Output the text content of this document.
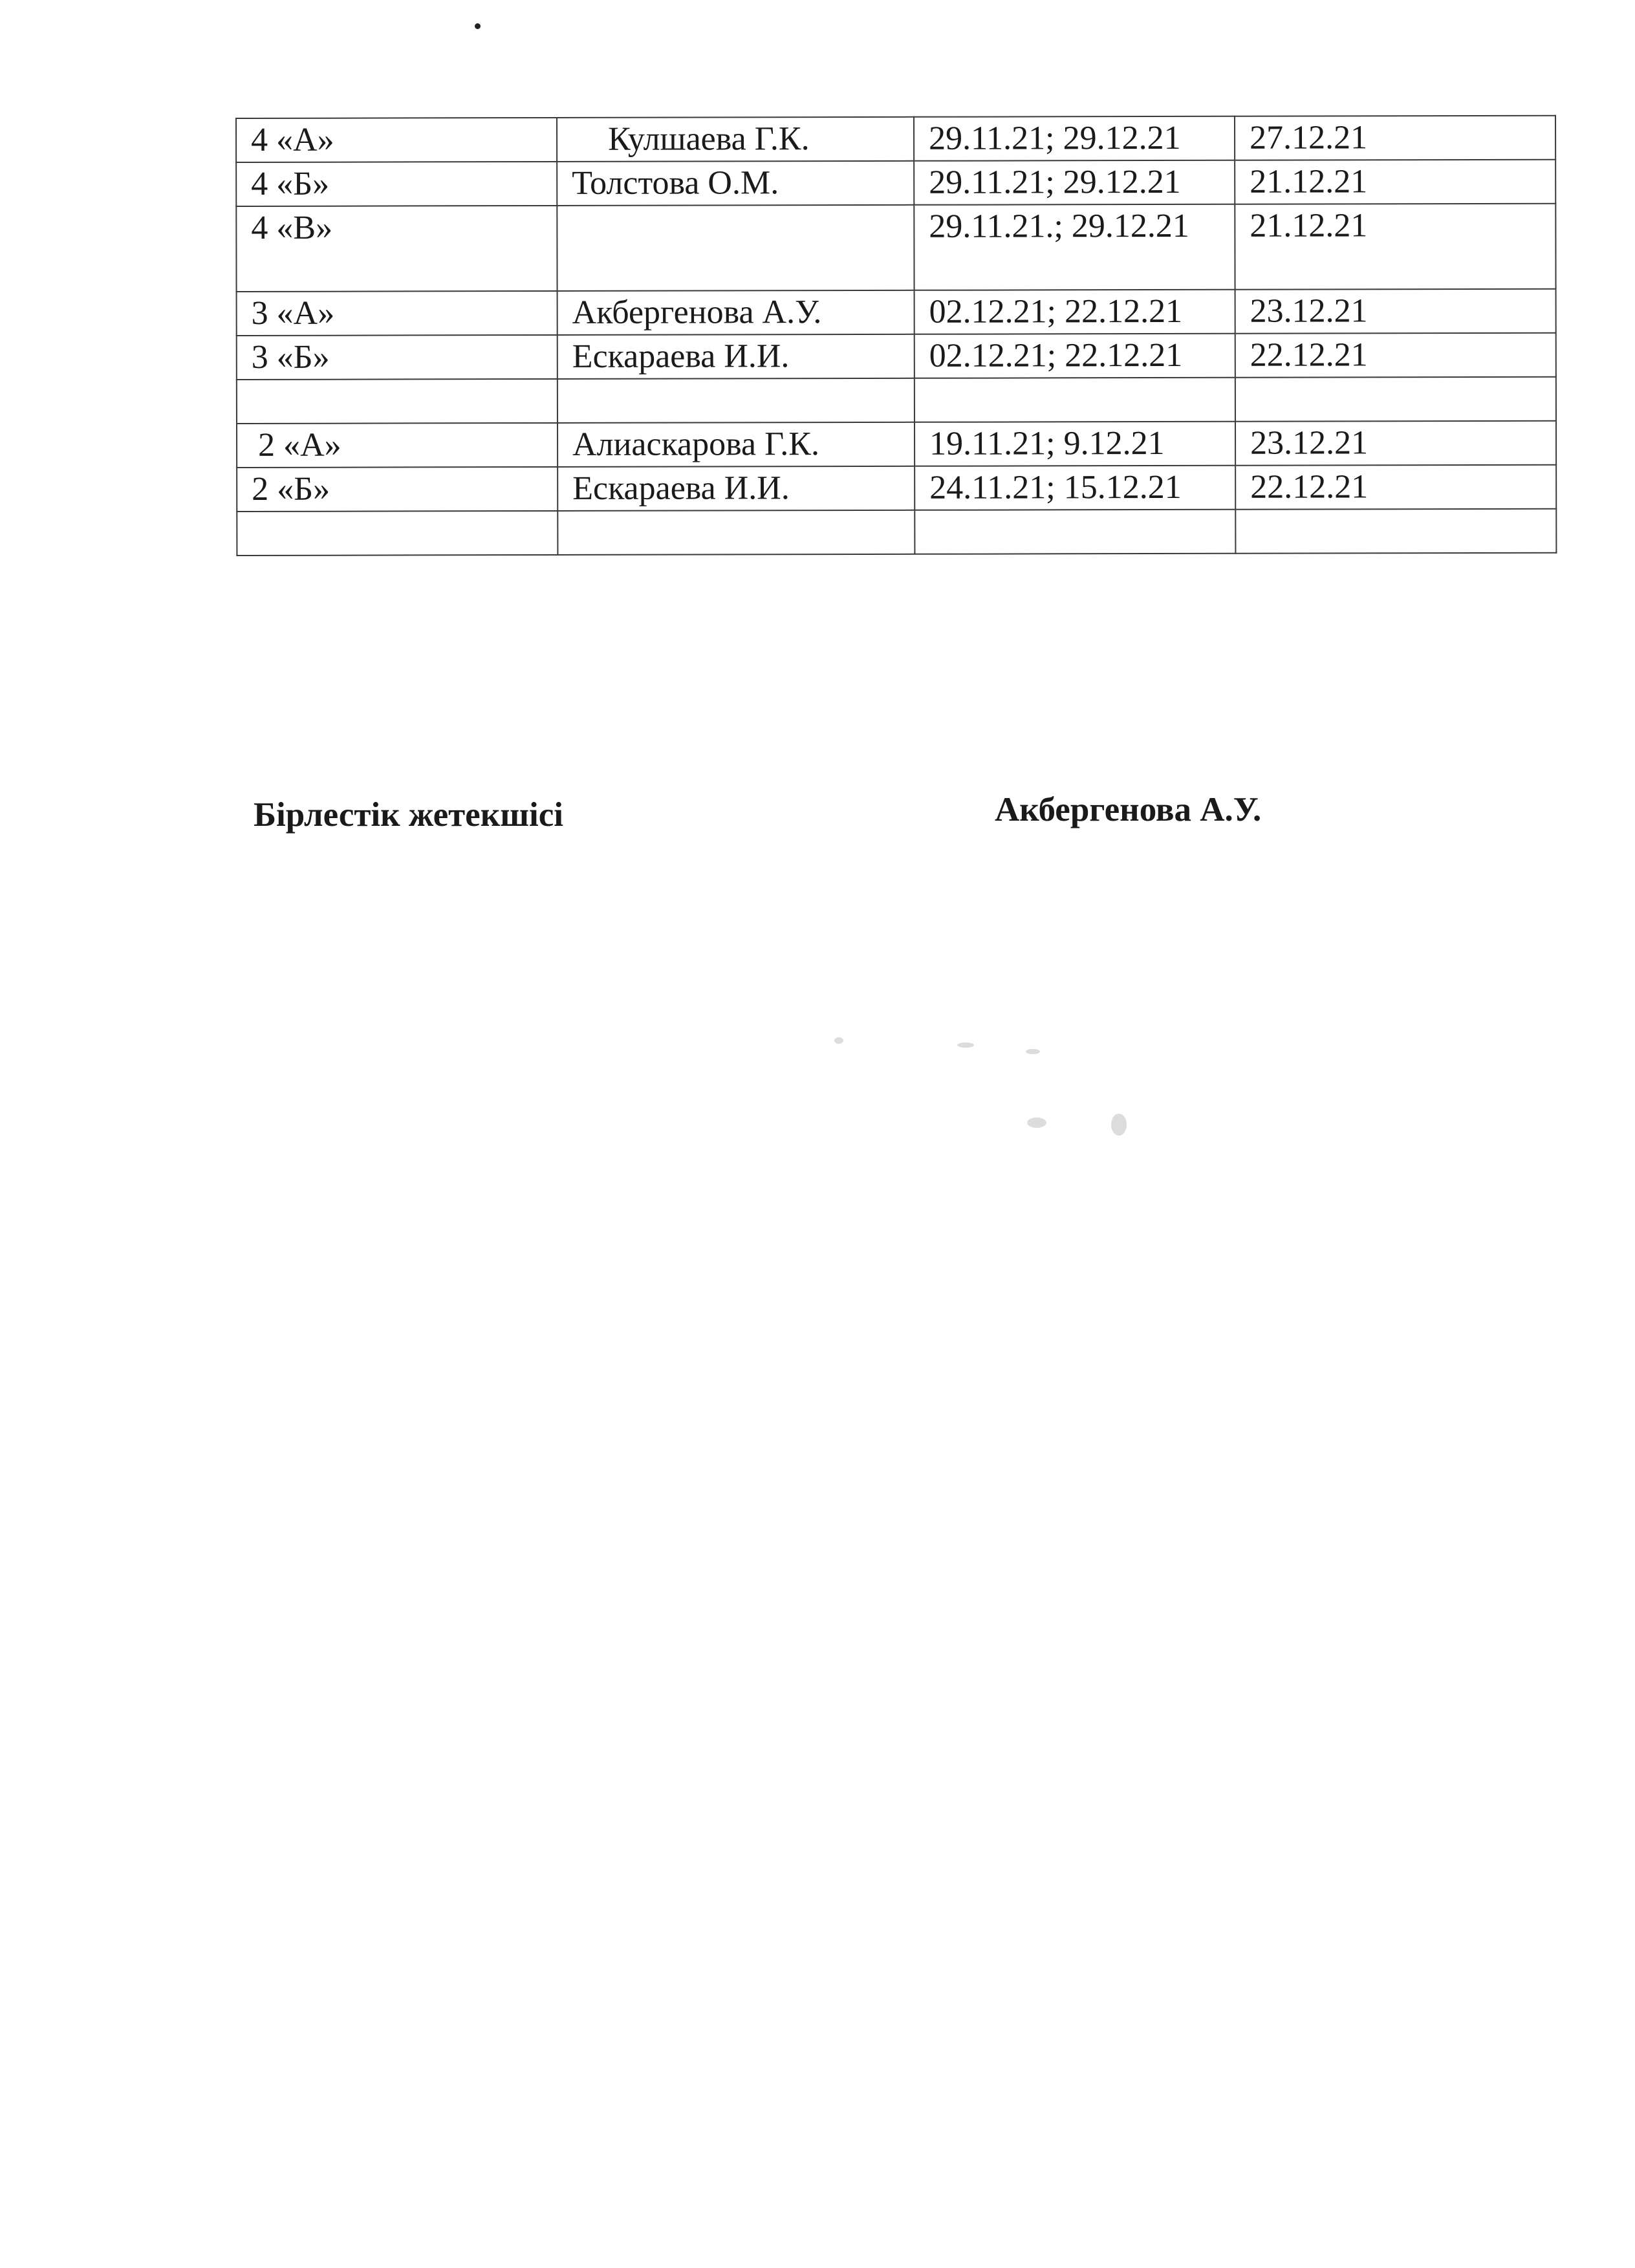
4 «А»	Кулшаева Г.К.	29.11.21; 29.12.21	27.12.21
4 «Б»	Толстова О.М.	29.11.21; 29.12.21	21.12.21
4 «В»		29.11.21.; 29.12.21	21.12.21
3 «А»	Акбергенова А.У.	02.12.21; 22.12.21	23.12.21
3 «Б»	Ескараева И.И.	02.12.21; 22.12.21	22.12.21

2 «А»	Алиаскарова Г.К.	19.11.21; 9.12.21	23.12.21
2 «Б»	Ескараева И.И.	24.11.21; 15.12.21	22.12.21

Бірлестік жетекшісі	Акбергенова А.У.
